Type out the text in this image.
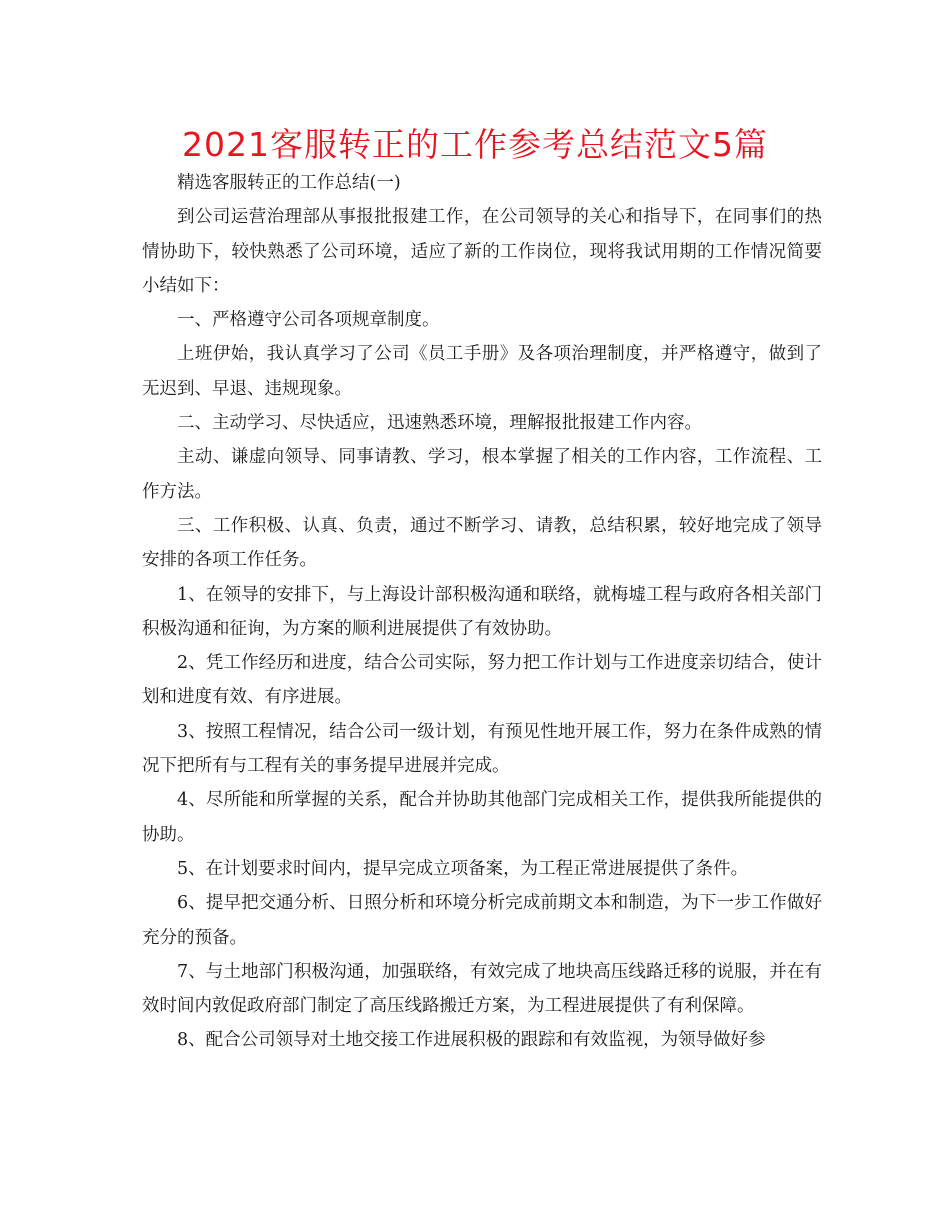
2021客服转正的工作参考总结范文5篇

精选客服转正的工作总结(一)

到公司运营治理部从事报批报建工作，在公司领导的关心和指导下，在同事们的热情协助下，较快熟悉了公司环境，适应了新的工作岗位，现将我试用期的工作情况简要小结如下：

一、严格遵守公司各项规章制度。

上班伊始，我认真学习了公司《员工手册》及各项治理制度，并严格遵守，做到了无迟到、早退、违规现象。

二、主动学习、尽快适应，迅速熟悉环境，理解报批报建工作内容。

主动、谦虚向领导、同事请教、学习，根本掌握了相关的工作内容，工作流程、工作方法。

三、工作积极、认真、负责，通过不断学习、请教，总结积累，较好地完成了领导安排的各项工作任务。

1、在领导的安排下，与上海设计部积极沟通和联络，就梅墟工程与政府各相关部门积极沟通和征询，为方案的顺利进展提供了有效协助。

2、凭工作经历和进度，结合公司实际，努力把工作计划与工作进度亲切结合，使计划和进度有效、有序进展。

3、按照工程情况，结合公司一级计划，有预见性地开展工作，努力在条件成熟的情况下把所有与工程有关的事务提早进展并完成。

4、尽所能和所掌握的关系，配合并协助其他部门完成相关工作，提供我所能提供的协助。

5、在计划要求时间内，提早完成立项备案，为工程正常进展提供了条件。

6、提早把交通分析、日照分析和环境分析完成前期文本和制造，为下一步工作做好充分的预备。

7、与土地部门积极沟通，加强联络，有效完成了地块高压线路迁移的说服，并在有效时间内敦促政府部门制定了高压线路搬迁方案，为工程进展提供了有利保障。

8、配合公司领导对土地交接工作进展积极的跟踪和有效监视，为领导做好参
